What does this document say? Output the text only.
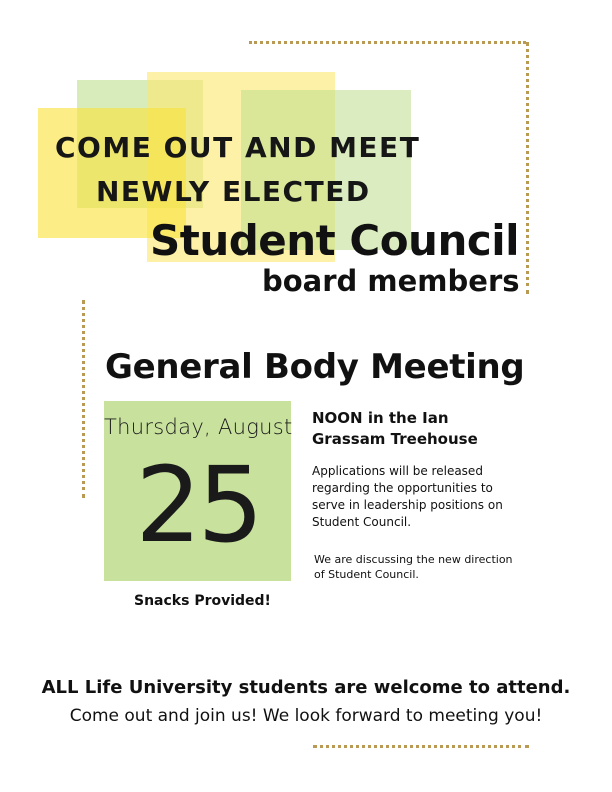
COME OUT AND MEET
NEWLY ELECTED
Student Council
board members
General Body Meeting
Thursday, August
25
Snacks Provided!
NOON in the Ian Grassam Treehouse
Applications will be released regarding the opportunities to serve in leadership positions on Student Council.
We are discussing the new direction of Student Council.
ALL Life University students are welcome to attend.
Come out and join us! We look forward to meeting you!
